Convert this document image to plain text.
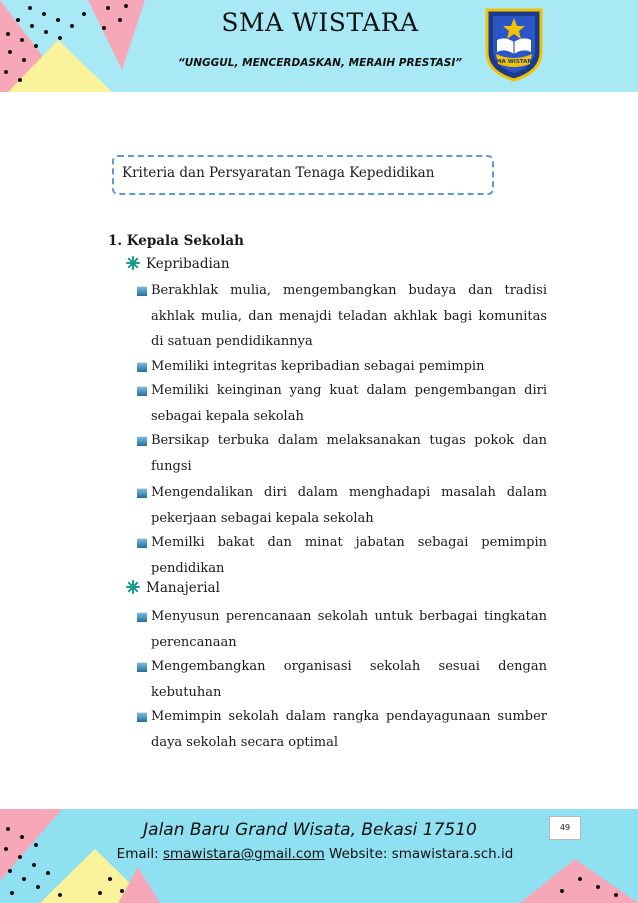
SMA WISTARA
“UNGGUL, MENCERDASKAN, MERAIH PRESTASI”	SMA WISTARA
Kriteria dan Persyaratan Tenaga Kepedidikan
1. Kepala Sekolah
Kepribadian
Berakhlak mulia, mengembangkan budaya dan tradisi akhlak mulia, dan menajdi teladan akhlak bagi komunitas di satuan pendidikannya
Memiliki integritas kepribadian sebagai pemimpin
Memiliki keinginan yang kuat dalam pengembangan diri sebagai kepala sekolah
Bersikap terbuka dalam melaksanakan tugas pokok dan fungsi
Mengendalikan diri dalam menghadapi masalah dalam pekerjaan sebagai kepala sekolah
Memilki bakat dan minat jabatan sebagai pemimpin pendidikan
Manajerial
Menyusun perencanaan sekolah untuk berbagai tingkatan perencanaan
Mengembangkan organisasi sekolah sesuai dengan kebutuhan
Memimpin sekolah dalam rangka pendayagunaan sumber daya sekolah secara optimal
Jalan Baru Grand Wisata, Bekasi 17510
Email: smawistara@gmail.com Website: smawistara.sch.id
49
